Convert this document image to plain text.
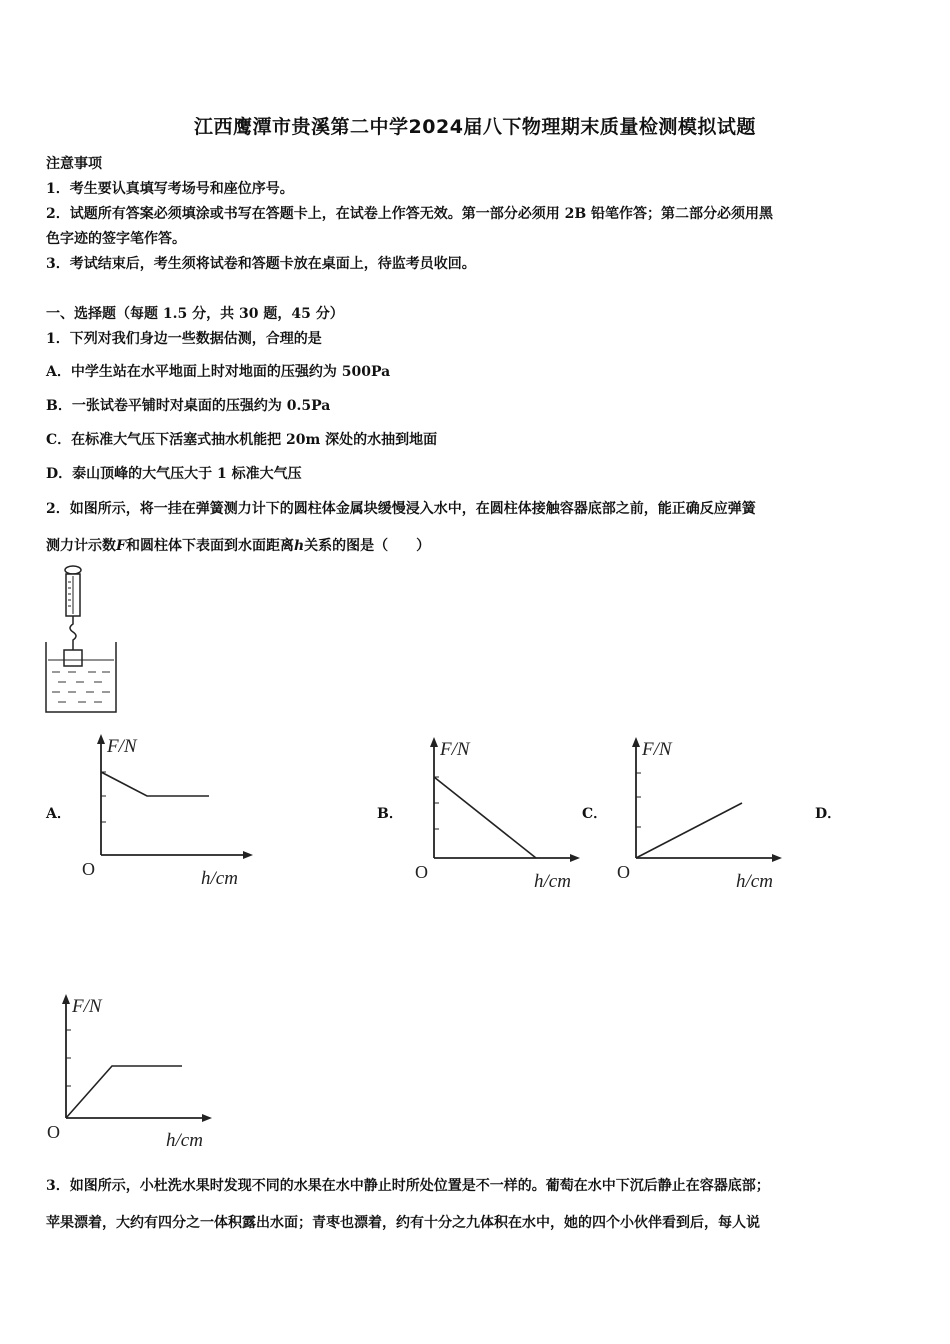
江西鹰潭市贵溪第二中学2024届八下物理期末质量检测模拟试题
注意事项
1．考生要认真填写考场号和座位序号。
2．试题所有答案必须填涂或书写在答题卡上，在试卷上作答无效。第一部分必须用 2B 铅笔作答；第二部分必须用黑
色字迹的签字笔作答。
3．考试结束后，考生须将试卷和答题卡放在桌面上，待监考员收回。
一、选择题（每题 1.5 分，共 30 题，45 分）
1．下列对我们身边一些数据估测，合理的是
A．中学生站在水平地面上时对地面的压强约为 500Pa
B．一张试卷平铺时对桌面的压强约为 0.5Pa
C．在标准大气压下活塞式抽水机能把 20m 深处的水抽到地面
D．泰山顶峰的大气压大于 1 标准大气压
2．如图所示，将一挂在弹簧测力计下的圆柱体金属块缓慢浸入水中，在圆柱体接触容器底部之前，能正确反应弹簧
测力计示数F和圆柱体下表面到水面距离h关系的图是（　　）
A．	B．	C．	D．
F/N
O	h/cm
F/N
O	h/cm
F/N
O	h/cm
F/N
O	h/cm
3．如图所示，小杜洗水果时发现不同的水果在水中静止时所处位置是不一样的。葡萄在水中下沉后静止在容器底部；
苹果漂着，大约有四分之一体积露出水面；青枣也漂着，约有十分之九体积在水中，她的四个小伙伴看到后，每人说
